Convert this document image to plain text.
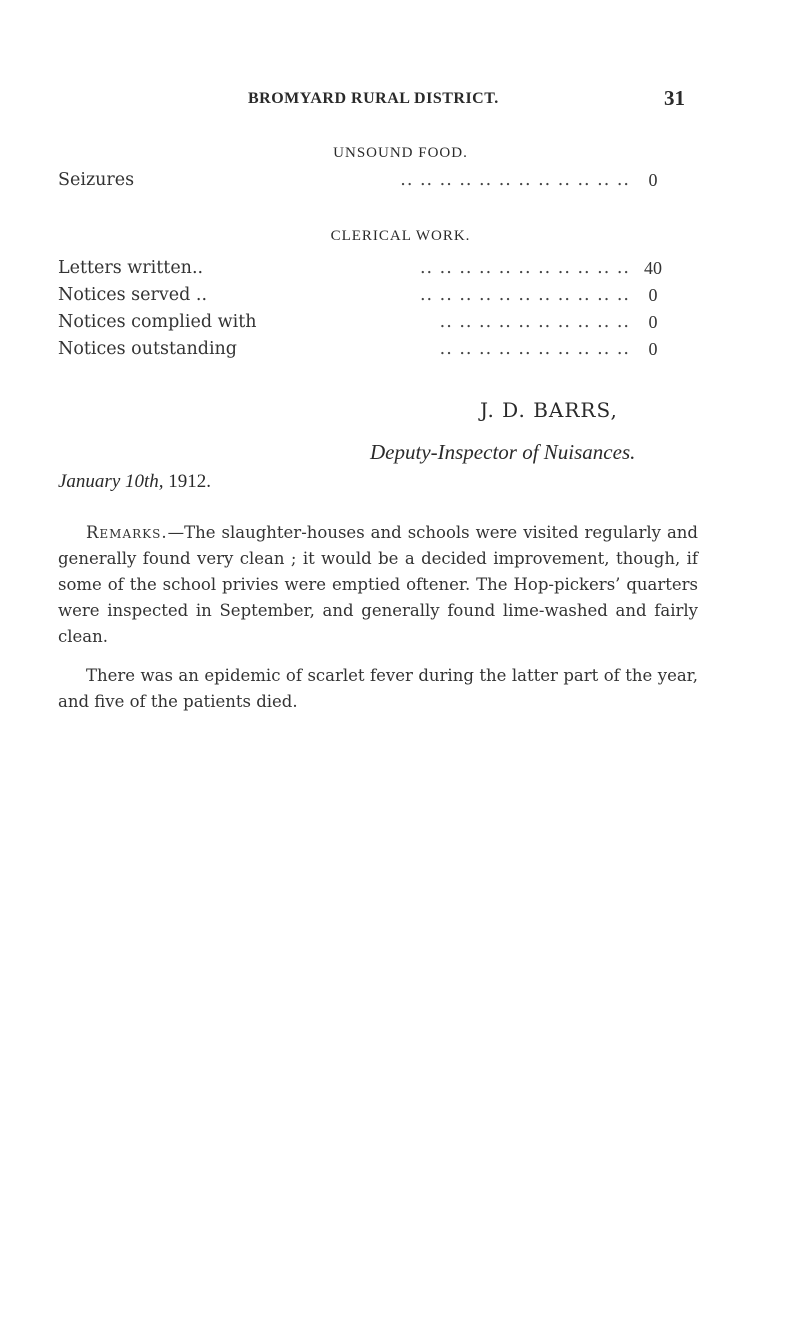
BROMYARD RURAL DISTRICT.	31
UNSOUND FOOD.
Seizures	.. .. .. .. .. .. .. .. .. .. .. ..	0
CLERICAL WORK.
Letters written..	.. .. .. .. .. .. .. .. .. .. .. 40
Notices served ..	.. .. .. .. .. .. .. .. .. .. ..	0
Notices complied with	.. .. .. .. .. .. .. .. .. ..	0
Notices outstanding	.. .. .. .. .. .. .. .. .. ..	0
J. D. BARRS,
Deputy-Inspector of Nuisances.
January 10th, 1912.
Remarks.—The slaughter-houses and schools were visited regularly and generally found very clean ; it would be a decided improvement, though, if some of the school privies were emptied oftener. The Hop-pickers’ quarters were inspected in September, and generally found lime-washed and fairly clean.
There was an epidemic of scarlet fever during the latter part of the year, and five of the patients died.
